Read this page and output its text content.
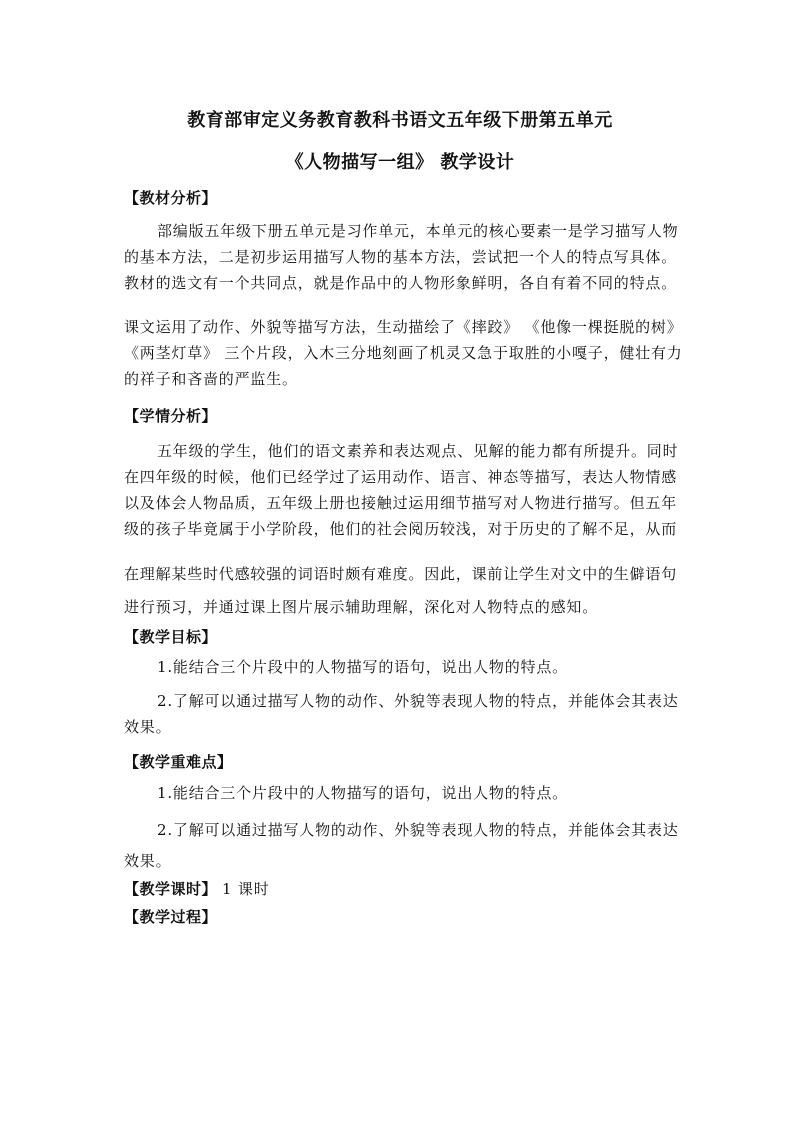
教育部审定义务教育教科书语文五年级下册第五单元

《人物描写一组》 教学设计

【教材分析】

部编版五年级下册五单元是习作单元，本单元的核心要素一是学习描写人物

的基本方法，二是初步运用描写人物的基本方法，尝试把一个人的特点写具体。

教材的选文有一个共同点，就是作品中的人物形象鲜明，各自有着不同的特点。

课文运用了动作、外貌等描写方法，生动描绘了《摔跤》 《他像一棵挺脱的树》

《两茎灯草》 三个片段，入木三分地刻画了机灵又急于取胜的小嘎子，健壮有力

的祥子和吝啬的严监生。

【学情分析】

五年级的学生，他们的语文素养和表达观点、见解的能力都有所提升。同时

在四年级的时候，他们已经学过了运用动作、语言、神态等描写，表达人物情感

以及体会人物品质，五年级上册也接触过运用细节描写对人物进行描写。但五年

级的孩子毕竟属于小学阶段，他们的社会阅历较浅，对于历史的了解不足，从而

在理解某些时代感较强的词语时颇有难度。因此，课前让学生对文中的生僻语句

进行预习，并通过课上图片展示辅助理解，深化对人物特点的感知。

【教学目标】

1.能结合三个片段中的人物描写的语句，说出人物的特点。

2.了解可以通过描写人物的动作、外貌等表现人物的特点，并能体会其表达

效果。

【教学重难点】

1.能结合三个片段中的人物描写的语句，说出人物的特点。

2.了解可以通过描写人物的动作、外貌等表现人物的特点，并能体会其表达

效果。

【教学课时】 1 课时

【教学过程】
